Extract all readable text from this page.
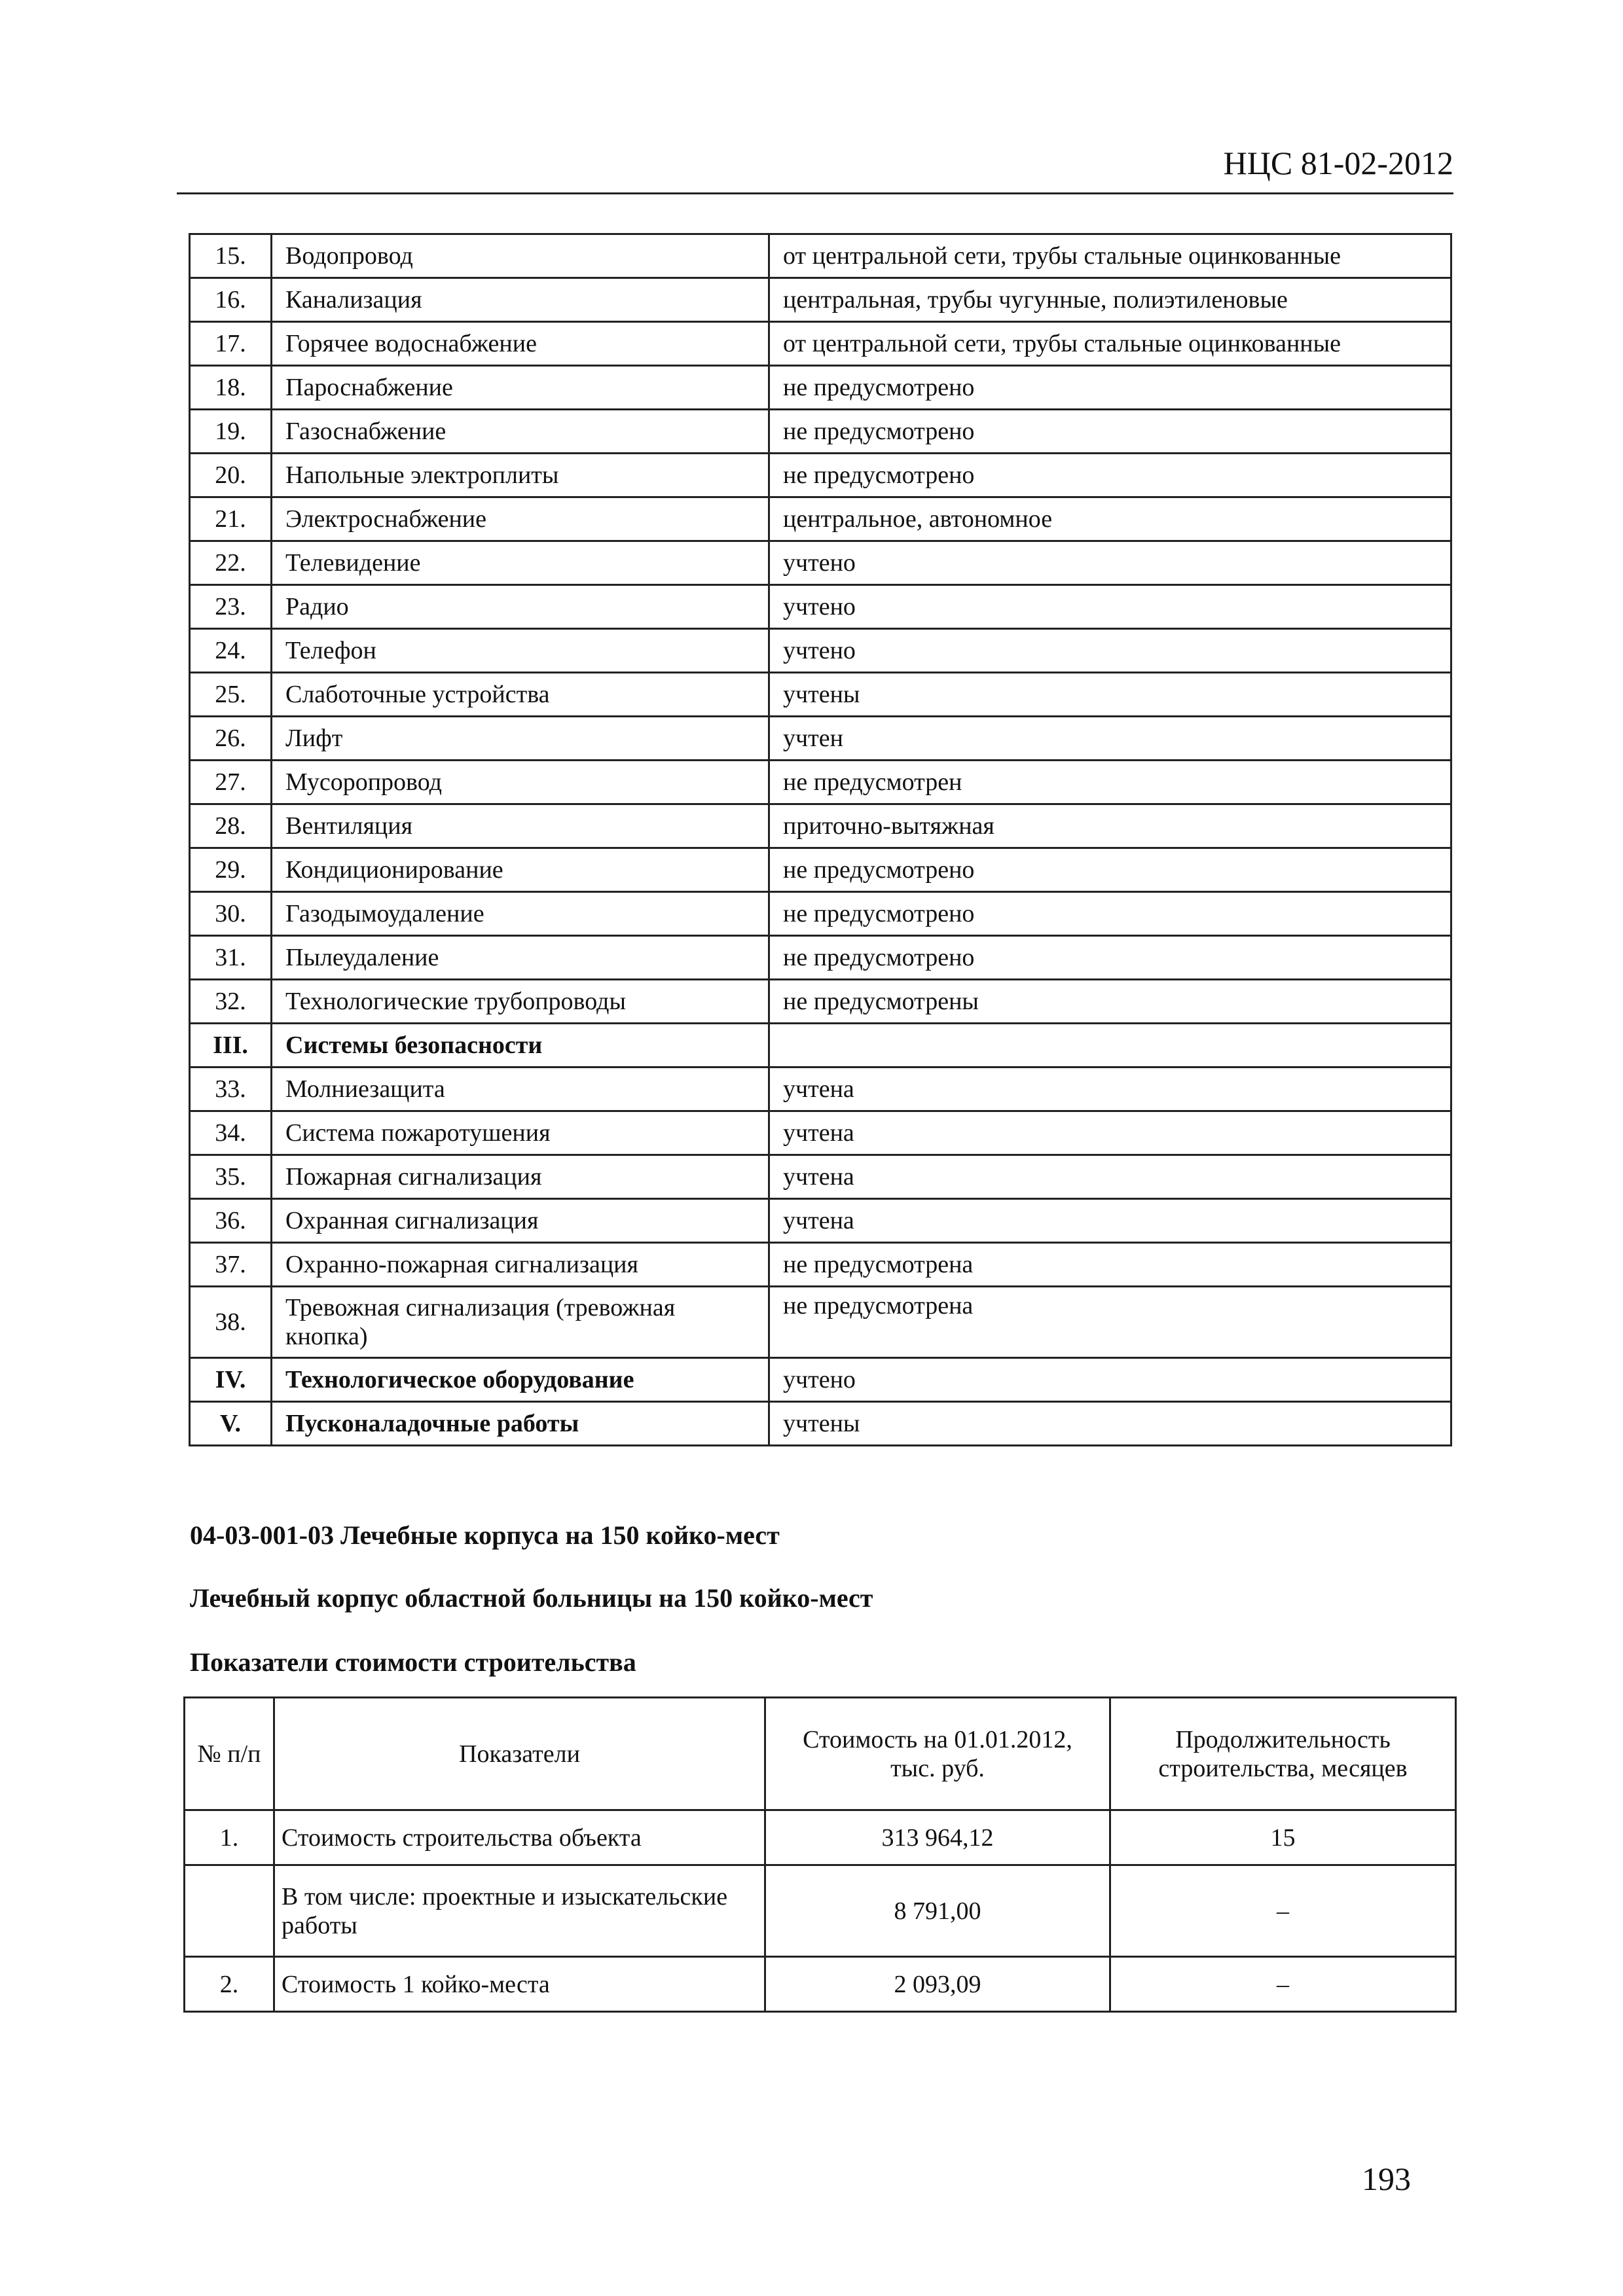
НЦС 81-02-2012
15.	Водопровод	от центральной сети, трубы стальные оцинкованные
16.	Канализация	центральная, трубы чугунные, полиэтиленовые
17.	Горячее водоснабжение	от центральной сети, трубы стальные оцинкованные
18.	Пароснабжение	не предусмотрено
19.	Газоснабжение	не предусмотрено
20.	Напольные электроплиты	не предусмотрено
21.	Электроснабжение	центральное, автономное
22.	Телевидение	учтено
23.	Радио	учтено
24.	Телефон	учтено
25.	Слаботочные устройства	учтены
26.	Лифт	учтен
27.	Мусоропровод	не предусмотрен
28.	Вентиляция	приточно-вытяжная
29.	Кондиционирование	не предусмотрено
30.	Газодымоудаление	не предусмотрено
31.	Пылеудаление	не предусмотрено
32.	Технологические трубопроводы	не предусмотрены
III.	Системы безопасности	
33.	Молниезащита	учтена
34.	Система пожаротушения	учтена
35.	Пожарная сигнализация	учтена
36.	Охранная сигнализация	учтена
37.	Охранно-пожарная сигнализация	не предусмотрена
38.	Тревожная сигнализация (тревожная кнопка)	не предусмотрена
IV.	Технологическое оборудование	учтено
V.	Пусконаладочные работы	учтены
04-03-001-03 Лечебные корпуса на 150 койко-мест
Лечебный корпус областной больницы на 150 койко-мест
Показатели стоимости строительства
№ п/п	Показатели	Стоимость на 01.01.2012, тыс. руб.	Продолжительность строительства, месяцев
1.	Стоимость строительства объекта	313 964,12	15
	В том числе: проектные и изыскательские работы	8 791,00	–
2.	Стоимость 1 койко-места	2 093,09	–
193
